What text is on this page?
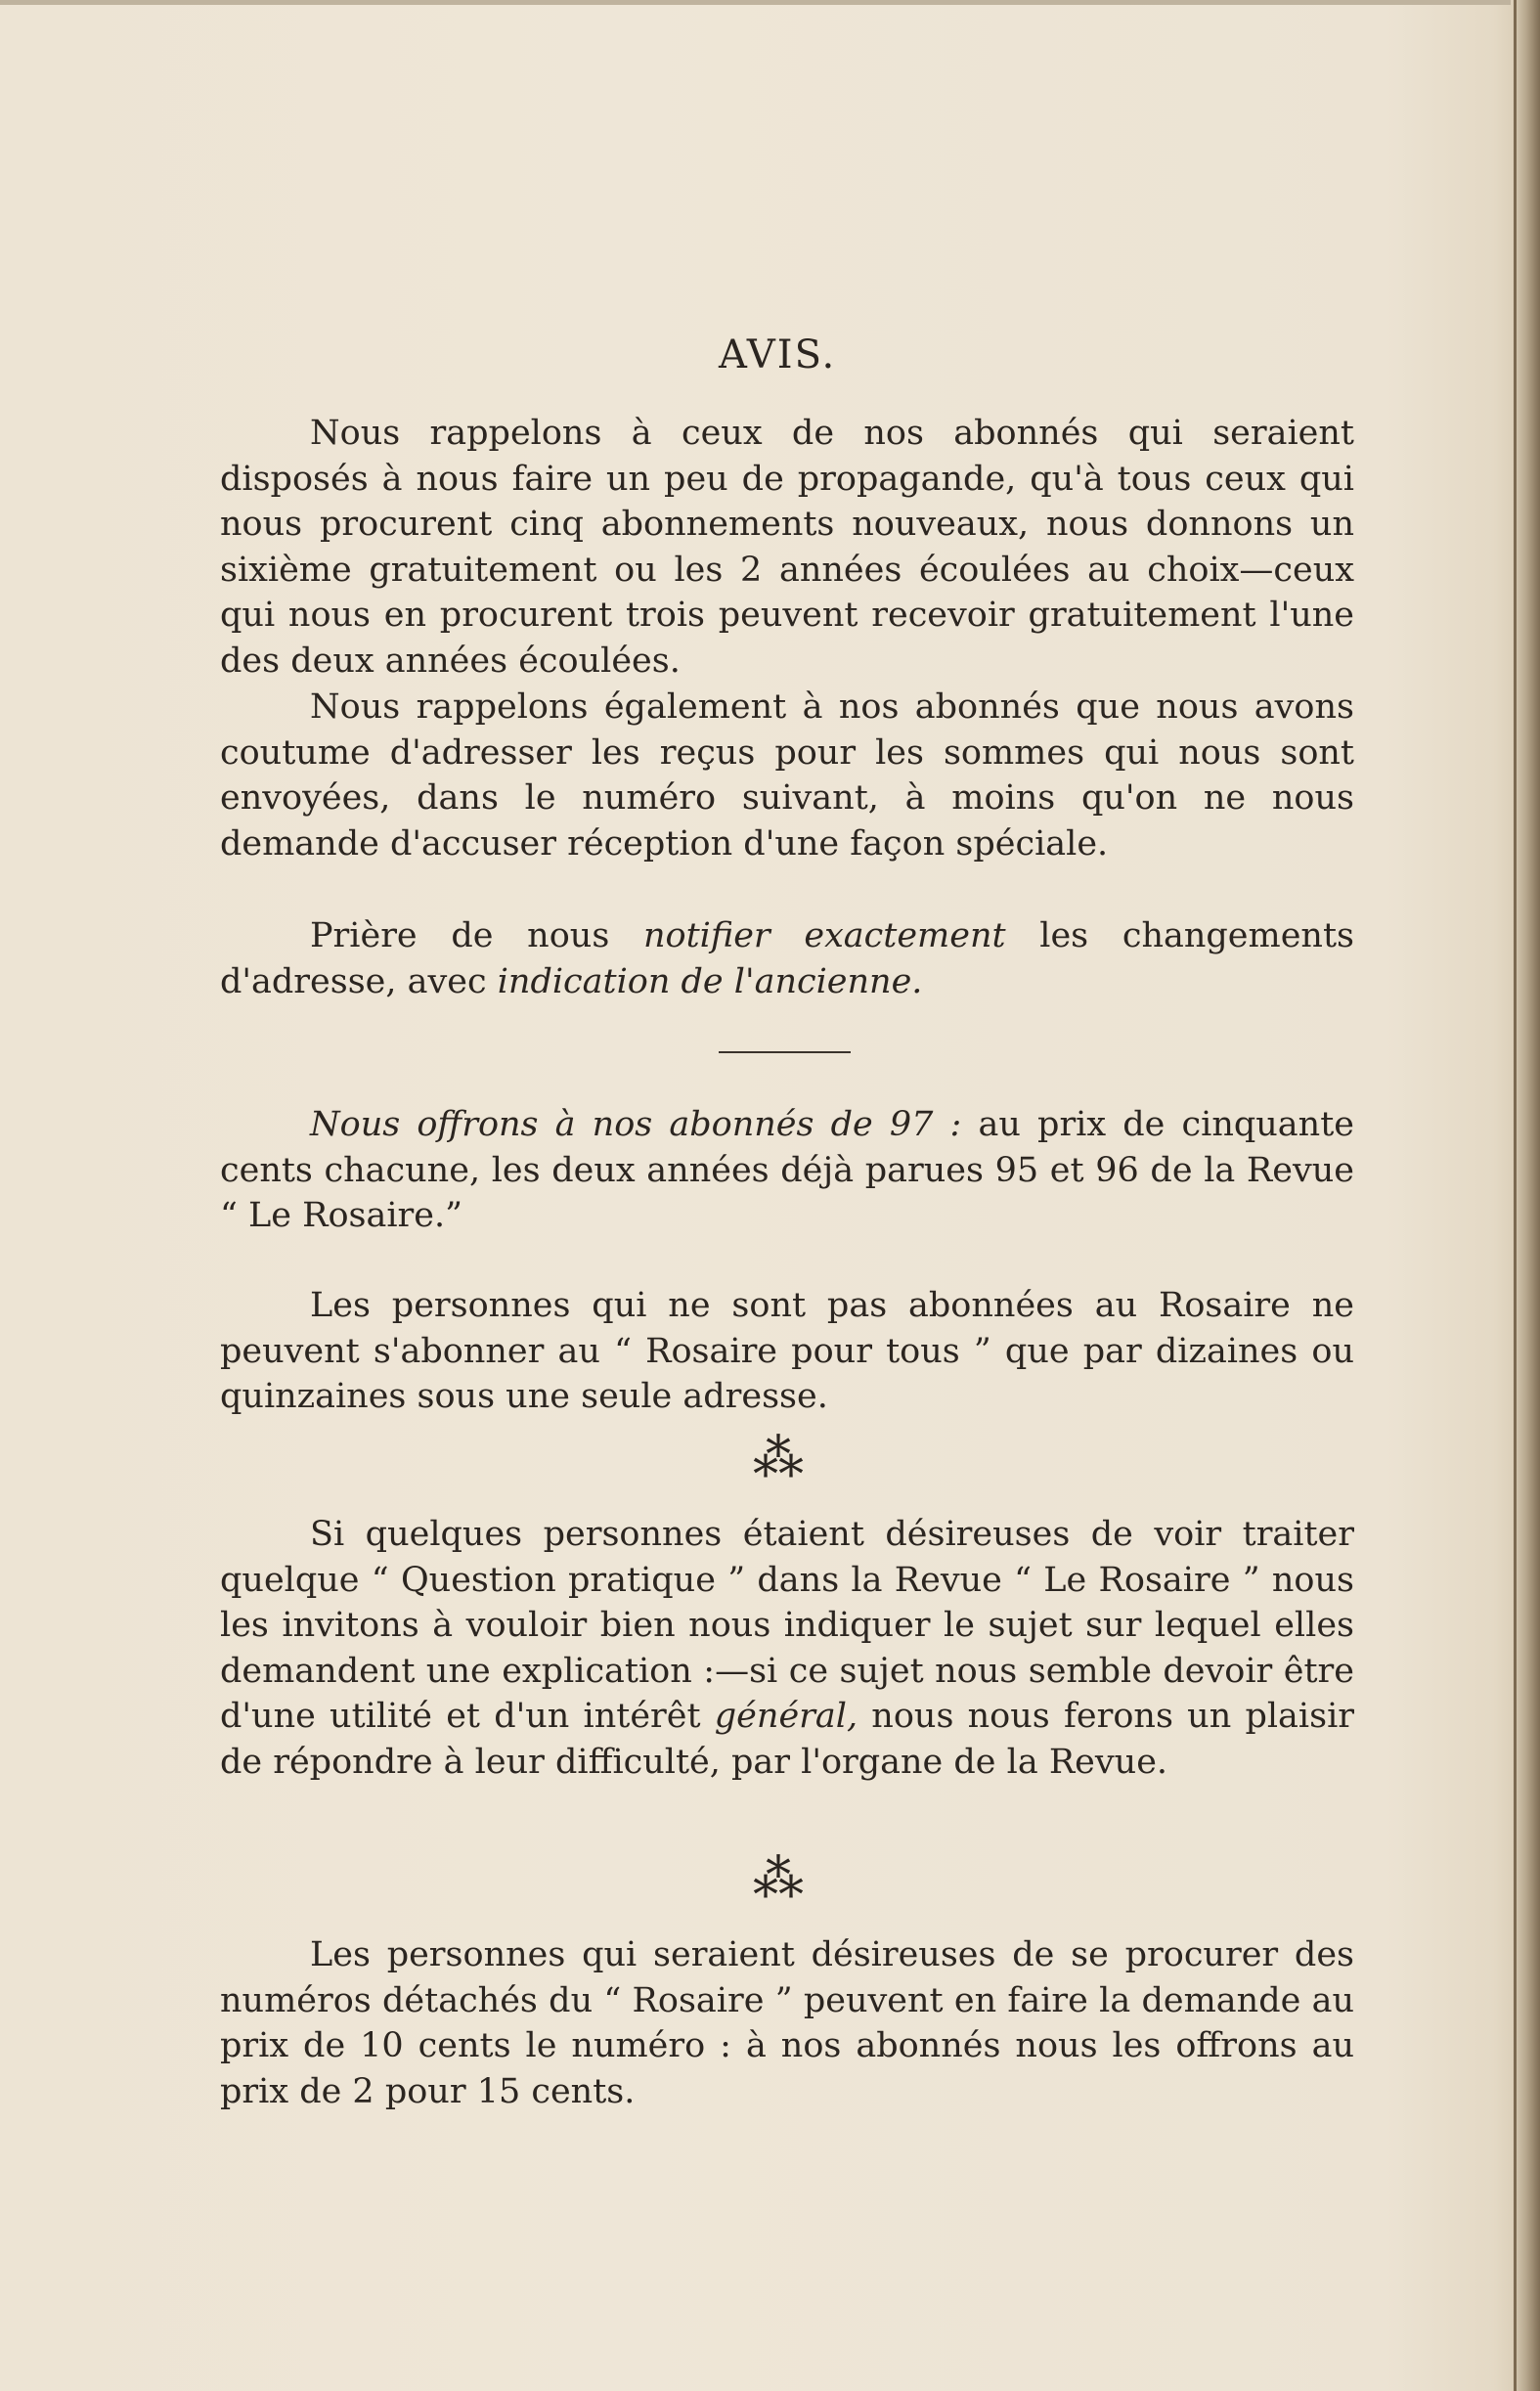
AVIS.

Nous rappelons à ceux de nos abonnés qui seraient disposés à nous faire un peu de propagande, qu'à tous ceux qui nous procurent cinq abonnements nouveaux, nous donnons un sixième gratuitement ou les 2 années écoulées au choix—ceux qui nous en procurent trois peuvent recevoir gratuitement l'une des deux années écoulées.

Nous rappelons également à nos abonnés que nous avons coutume d'adresser les reçus pour les sommes qui nous sont envoyées, dans le numéro suivant, à moins qu'on ne nous demande d'accuser réception d'une façon spéciale.

Prière de nous notifier exactement les changements d'adresse, avec indication de l'ancienne.

Nous offrons à nos abonnés de 97 : au prix de cinquante cents chacune, les deux années déjà parues 95 et 96 de la Revue “ Le Rosaire.”

Les personnes qui ne sont pas abonnées au Rosaire ne peuvent s'abonner au “ Rosaire pour tous ” que par dizaines ou quinzaines sous une seule adresse.

⁂

Si quelques personnes étaient désireuses de voir traiter quelque “ Question pratique ” dans la Revue “ Le Rosaire ” nous les invitons à vouloir bien nous indiquer le sujet sur lequel elles demandent une explication :—si ce sujet nous semble devoir être d'une utilité et d'un intérêt général, nous nous ferons un plaisir de répondre à leur difficulté, par l'organe de la Revue.

⁂

Les personnes qui seraient désireuses de se procurer des numéros détachés du “ Rosaire ” peuvent en faire la demande au prix de 10 cents le numéro : à nos abonnés nous les offrons au prix de 2 pour 15 cents.
